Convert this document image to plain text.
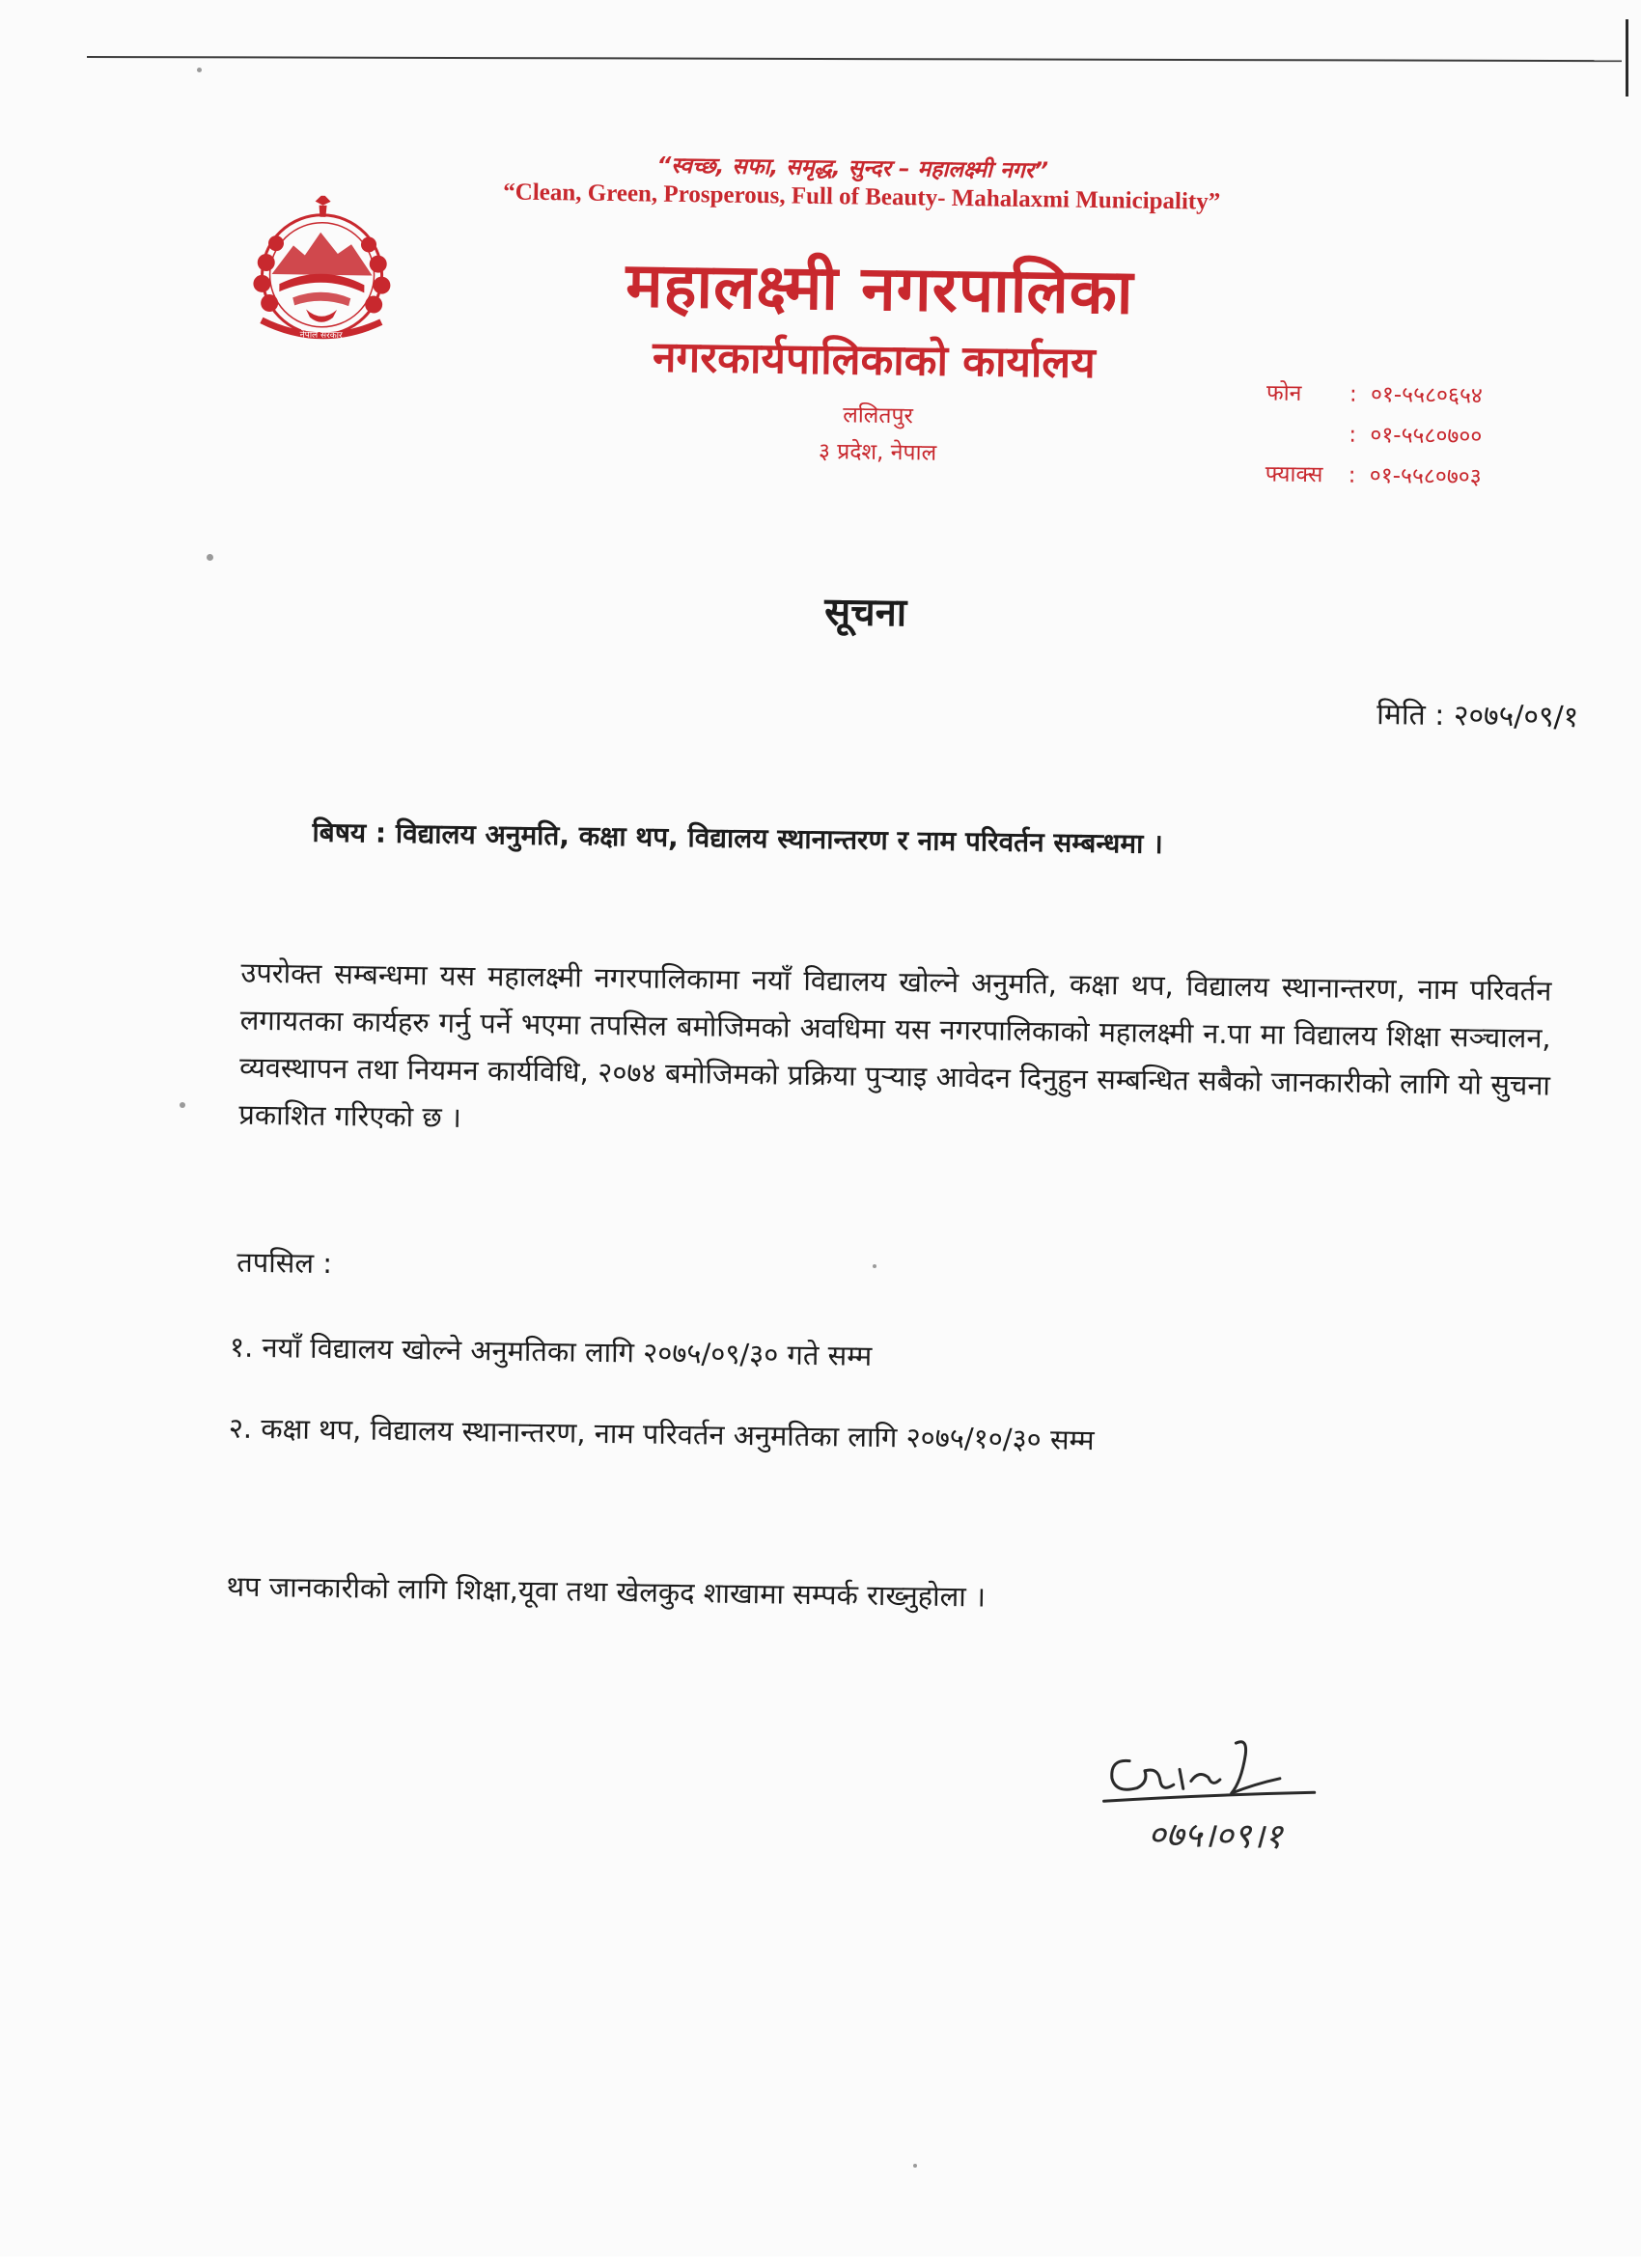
“स्वच्छ, सफा, समृद्ध, सुन्दर – महालक्ष्मी नगर”
“Clean, Green, Prosperous, Full of Beauty- Mahalaxmi Municipality”
नेपाल सरकार
महालक्ष्मी नगरपालिका
नगरकार्यपालिकाको कार्यालय
ललितपुर
३ प्रदेश, नेपाल
फोन : ०१-५५८०६५४
: ०१-५५८०७००
फ्याक्स : ०१-५५८०७०३
सूचना
मिति : २०७५/०९/१
बिषय : विद्यालय अनुमति, कक्षा थप, विद्यालय स्थानान्तरण र नाम परिवर्तन सम्बन्धमा ।
उपरोक्त सम्बन्धमा यस महालक्ष्मी नगरपालिकामा नयाँ विद्यालय खोल्ने अनुमति, कक्षा थप, विद्यालय स्थानान्तरण, नाम परिवर्तन लगायतका कार्यहरु गर्नु पर्ने भएमा तपसिल बमोजिमको अवधिमा यस नगरपालिकाको महालक्ष्मी न.पा मा विद्यालय शिक्षा सञ्चालन, व्यवस्थापन तथा नियमन कार्यविधि, २०७४ बमोजिमको प्रक्रिया पुऱ्याइ आवेदन दिनुहुन सम्बन्धित सबैको जानकारीको लागि यो सुचना प्रकाशित गरिएको छ ।
तपसिल :
१. नयाँ विद्यालय खोल्ने अनुमतिका लागि २०७५/०९/३० गते सम्म
२. कक्षा थप, विद्यालय स्थानान्तरण, नाम परिवर्तन अनुमतिका लागि २०७५/१०/३० सम्म
थप जानकारीको लागि शिक्षा,यूवा तथा खेलकुद शाखामा सम्पर्क राख्नुहोला ।
०७५।०९।१
